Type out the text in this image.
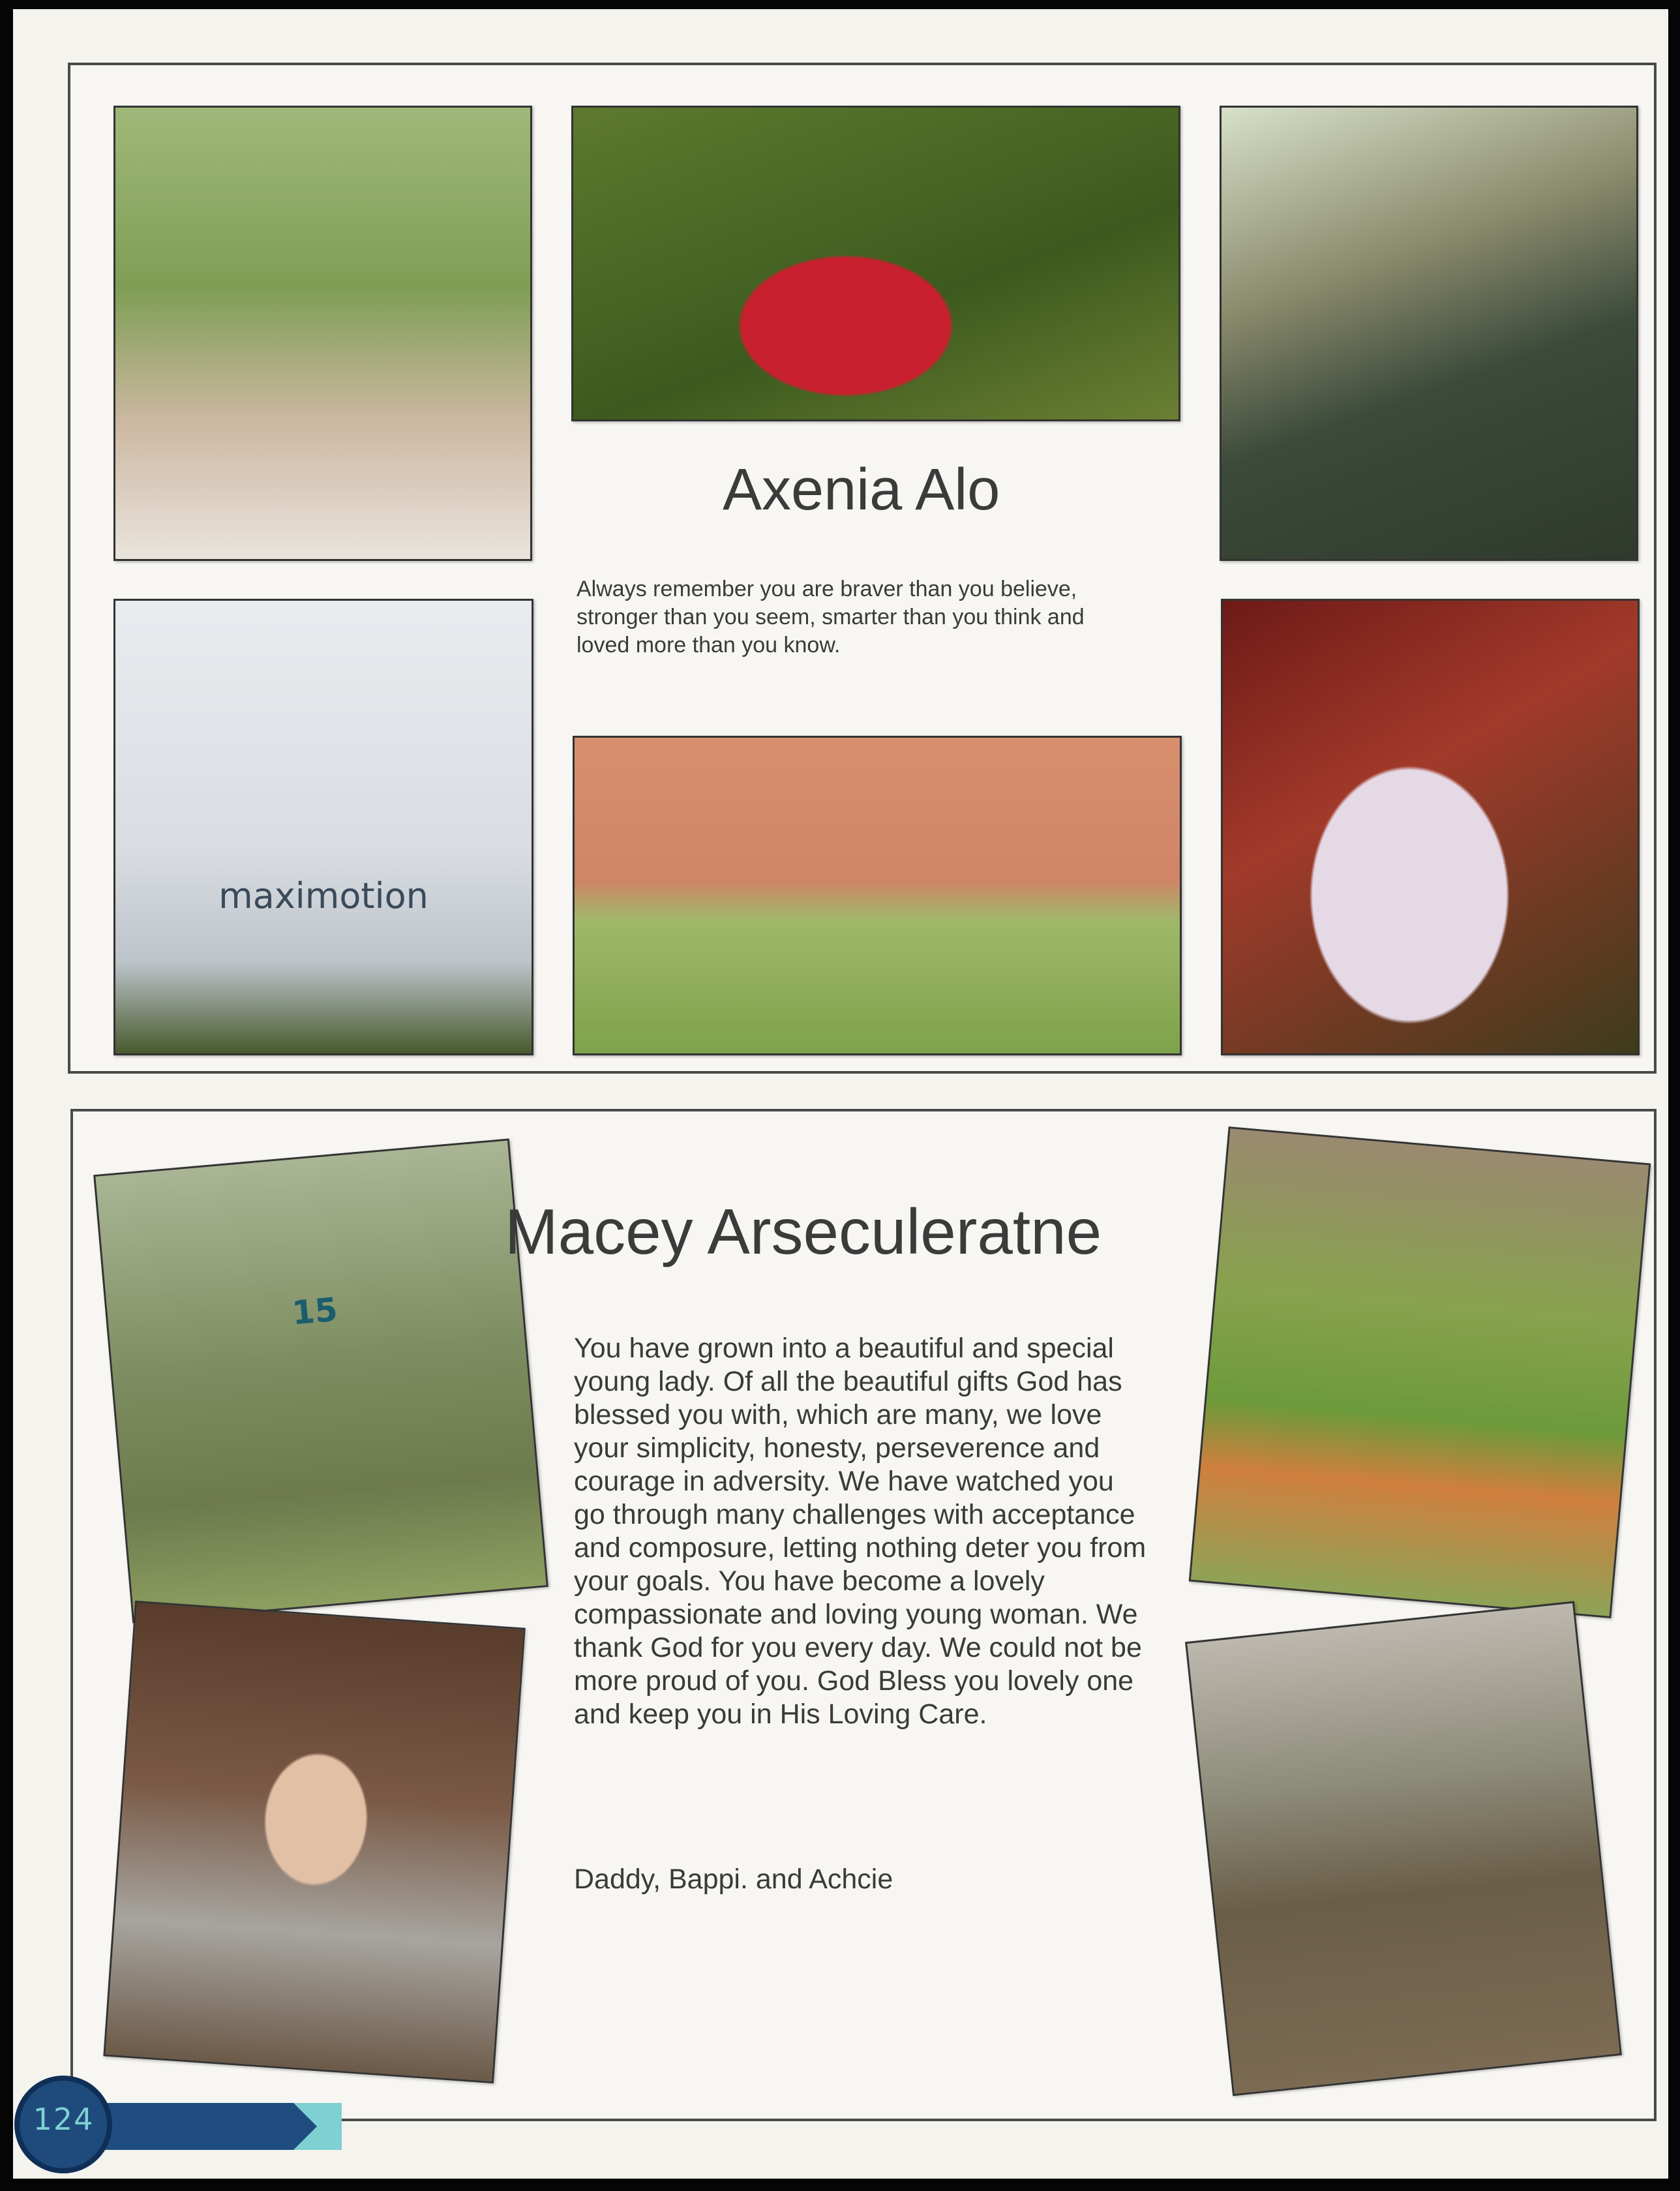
Axenia Alo
Always remember you are braver than you believe, stronger than you seem, smarter than you think and loved more than you know.
maximotion
15
Macey Arseculeratne
You have grown into a beautiful and special young lady. Of all the beautiful gifts God has blessed you with, which are many, we love your simplicity, honesty, perseverence and courage in adversity. We have watched you go through many challenges with acceptance and composure, letting nothing deter you from your goals. You have become a lovely compassionate and loving young woman. We thank God for you every day. We could not be more proud of you. God Bless you lovely one and keep you in His Loving Care.
Daddy, Bappi. and Achcie
124
